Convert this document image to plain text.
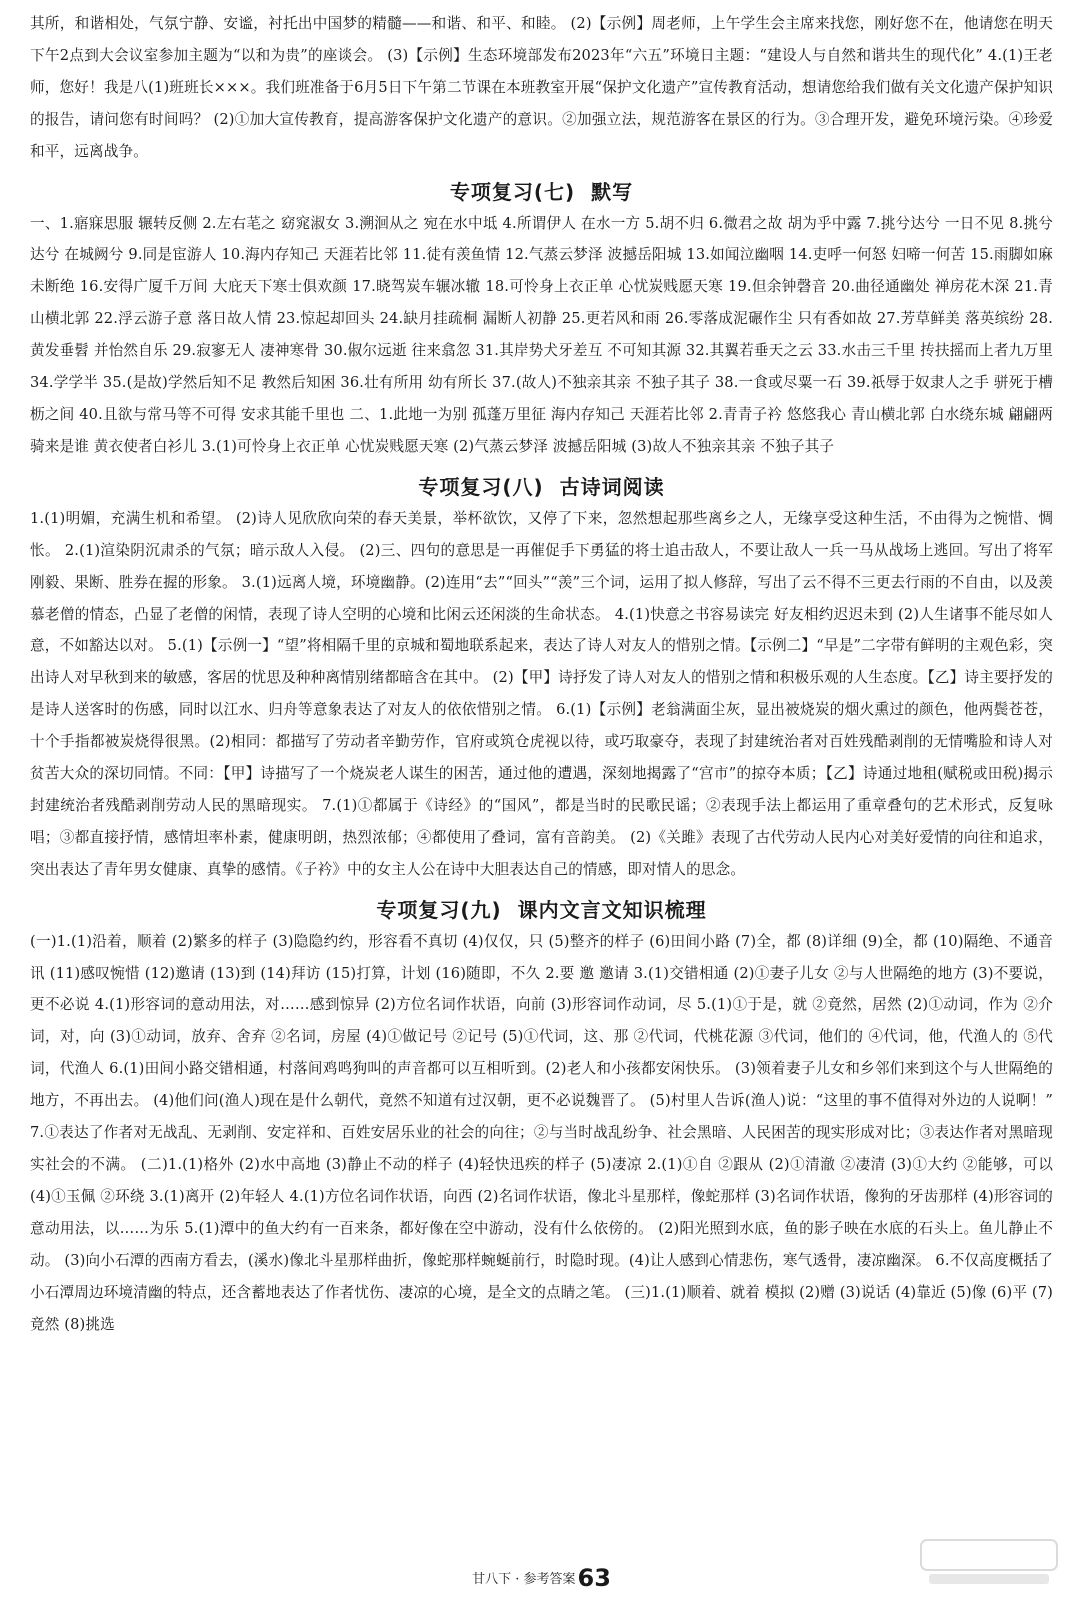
其所，和谐相处，气氛宁静、安谧，衬托出中国梦的精髓——和谐、和平、和睦。 (2)【示例】周老师，上午学生会主席来找您，刚好您不在，他请您在明天下午2点到大会议室参加主题为“以和为贵”的座谈会。 (3)【示例】生态环境部发布2023年“六五”环境日主题：“建设人与自然和谐共生的现代化” 4.(1)王老师，您好！我是八(1)班班长×××。我们班准备于6月5日下午第二节课在本班教室开展“保护文化遗产”宣传教育活动，想请您给我们做有关文化遗产保护知识的报告，请问您有时间吗？ (2)①加大宣传教育，提高游客保护文化遗产的意识。②加强立法，规范游客在景区的行为。③合理开发，避免环境污染。④珍爱和平，远离战争。

专项复习(七) 默写

一、1.寤寐思服 辗转反侧 2.左右芼之 窈窕淑女 3.溯洄从之 宛在水中坻 4.所谓伊人 在水一方 5.胡不归 6.微君之故 胡为乎中露 7.挑兮达兮 一日不见 8.挑兮达兮 在城阙兮 9.同是宦游人 10.海内存知己 天涯若比邻 11.徒有羡鱼情 12.气蒸云梦泽 波撼岳阳城 13.如闻泣幽咽 14.吏呼一何怒 妇啼一何苦 15.雨脚如麻未断绝 16.安得广厦千万间 大庇天下寒士俱欢颜 17.晓驾炭车辗冰辙 18.可怜身上衣正单 心忧炭贱愿天寒 19.但余钟磬音 20.曲径通幽处 禅房花木深 21.青山横北郭 22.浮云游子意 落日故人情 23.惊起却回头 24.缺月挂疏桐 漏断人初静 25.更若风和雨 26.零落成泥碾作尘 只有香如故 27.芳草鲜美 落英缤纷 28.黄发垂髫 并怡然自乐 29.寂寥无人 凄神寒骨 30.俶尔远逝 往来翕忽 31.其岸势犬牙差互 不可知其源 32.其翼若垂天之云 33.水击三千里 抟扶摇而上者九万里 34.学学半 35.(是故)学然后知不足 教然后知困 36.壮有所用 幼有所长 37.(故人)不独亲其亲 不独子其子 38.一食或尽粟一石 39.祇辱于奴隶人之手 骈死于槽枥之间 40.且欲与常马等不可得 安求其能千里也 二、1.此地一为别 孤蓬万里征 海内存知己 天涯若比邻 2.青青子衿 悠悠我心 青山横北郭 白水绕东城 翩翩两骑来是谁 黄衣使者白衫儿 3.(1)可怜身上衣正单 心忧炭贱愿天寒 (2)气蒸云梦泽 波撼岳阳城 (3)故人不独亲其亲 不独子其子

专项复习(八) 古诗词阅读

1.(1)明媚，充满生机和希望。 (2)诗人见欣欣向荣的春天美景，举杯欲饮，又停了下来，忽然想起那些离乡之人，无缘享受这种生活，不由得为之惋惜、惆怅。 2.(1)渲染阴沉肃杀的气氛；暗示敌人入侵。 (2)三、四句的意思是一再催促手下勇猛的将士追击敌人，不要让敌人一兵一马从战场上逃回。写出了将军刚毅、果断、胜券在握的形象。 3.(1)远离人境，环境幽静。(2)连用“去”“回头”“羡”三个词，运用了拟人修辞，写出了云不得不三更去行雨的不自由，以及羡慕老僧的情态，凸显了老僧的闲情，表现了诗人空明的心境和比闲云还闲淡的生命状态。 4.(1)快意之书容易读完 好友相约迟迟未到 (2)人生诸事不能尽如人意，不如豁达以对。 5.(1)【示例一】“望”将相隔千里的京城和蜀地联系起来，表达了诗人对友人的惜别之情。【示例二】“早是”二字带有鲜明的主观色彩，突出诗人对早秋到来的敏感，客居的忧思及种种离情别绪都暗含在其中。 (2)【甲】诗抒发了诗人对友人的惜别之情和积极乐观的人生态度。【乙】诗主要抒发的是诗人送客时的伤感，同时以江水、归舟等意象表达了对友人的依依惜别之情。 6.(1)【示例】老翁满面尘灰，显出被烧炭的烟火熏过的颜色，他两鬓苍苍，十个手指都被炭烧得很黑。(2)相同：都描写了劳动者辛勤劳作，官府或筑仓虎视以待，或巧取豪夺，表现了封建统治者对百姓残酷剥削的无情嘴脸和诗人对贫苦大众的深切同情。不同：【甲】诗描写了一个烧炭老人谋生的困苦，通过他的遭遇，深刻地揭露了“宫市”的掠夺本质；【乙】诗通过地租(赋税或田税)揭示封建统治者残酷剥削劳动人民的黑暗现实。 7.(1)①都属于《诗经》的“国风”，都是当时的民歌民谣；②表现手法上都运用了重章叠句的艺术形式，反复咏唱；③都直接抒情，感情坦率朴素，健康明朗，热烈浓郁；④都使用了叠词，富有音韵美。 (2)《关雎》表现了古代劳动人民内心对美好爱情的向往和追求，突出表达了青年男女健康、真挚的感情。《子衿》中的女主人公在诗中大胆表达自己的情感，即对情人的思念。

专项复习(九) 课内文言文知识梳理

(一)1.(1)沿着，顺着 (2)繁多的样子 (3)隐隐约约，形容看不真切 (4)仅仅，只 (5)整齐的样子 (6)田间小路 (7)全，都 (8)详细 (9)全，都 (10)隔绝、不通音讯 (11)感叹惋惜 (12)邀请 (13)到 (14)拜访 (15)打算，计划 (16)随即，不久 2.要 邀 邀请 3.(1)交错相通 (2)①妻子儿女 ②与人世隔绝的地方 (3)不要说，更不必说 4.(1)形容词的意动用法，对……感到惊异 (2)方位名词作状语，向前 (3)形容词作动词，尽 5.(1)①于是，就 ②竟然，居然 (2)①动词，作为 ②介词，对，向 (3)①动词，放弃、舍弃 ②名词，房屋 (4)①做记号 ②记号 (5)①代词，这、那 ②代词，代桃花源 ③代词，他们的 ④代词，他，代渔人的 ⑤代词，代渔人 6.(1)田间小路交错相通，村落间鸡鸣狗叫的声音都可以互相听到。(2)老人和小孩都安闲快乐。 (3)领着妻子儿女和乡邻们来到这个与人世隔绝的地方，不再出去。 (4)他们问(渔人)现在是什么朝代，竟然不知道有过汉朝，更不必说魏晋了。 (5)村里人告诉(渔人)说：“这里的事不值得对外边的人说啊！” 7.①表达了作者对无战乱、无剥削、安定祥和、百姓安居乐业的社会的向往；②与当时战乱纷争、社会黑暗、人民困苦的现实形成对比；③表达作者对黑暗现实社会的不满。 (二)1.(1)格外 (2)水中高地 (3)静止不动的样子 (4)轻快迅疾的样子 (5)凄凉 2.(1)①自 ②跟从 (2)①清澈 ②凄清 (3)①大约 ②能够，可以 (4)①玉佩 ②环绕 3.(1)离开 (2)年轻人 4.(1)方位名词作状语，向西 (2)名词作状语，像北斗星那样，像蛇那样 (3)名词作状语，像狗的牙齿那样 (4)形容词的意动用法，以……为乐 5.(1)潭中的鱼大约有一百来条，都好像在空中游动，没有什么依傍的。 (2)阳光照到水底，鱼的影子映在水底的石头上。鱼儿静止不动。 (3)向小石潭的西南方看去，(溪水)像北斗星那样曲折，像蛇那样蜿蜒前行，时隐时现。(4)让人感到心情悲伤，寒气透骨，凄凉幽深。 6.不仅高度概括了小石潭周边环境清幽的特点，还含蓄地表达了作者忧伤、凄凉的心境，是全文的点睛之笔。 (三)1.(1)顺着、就着 模拟 (2)赠 (3)说话 (4)靠近 (5)像 (6)平 (7)竟然 (8)挑选

甘八下 · 参考答案63
